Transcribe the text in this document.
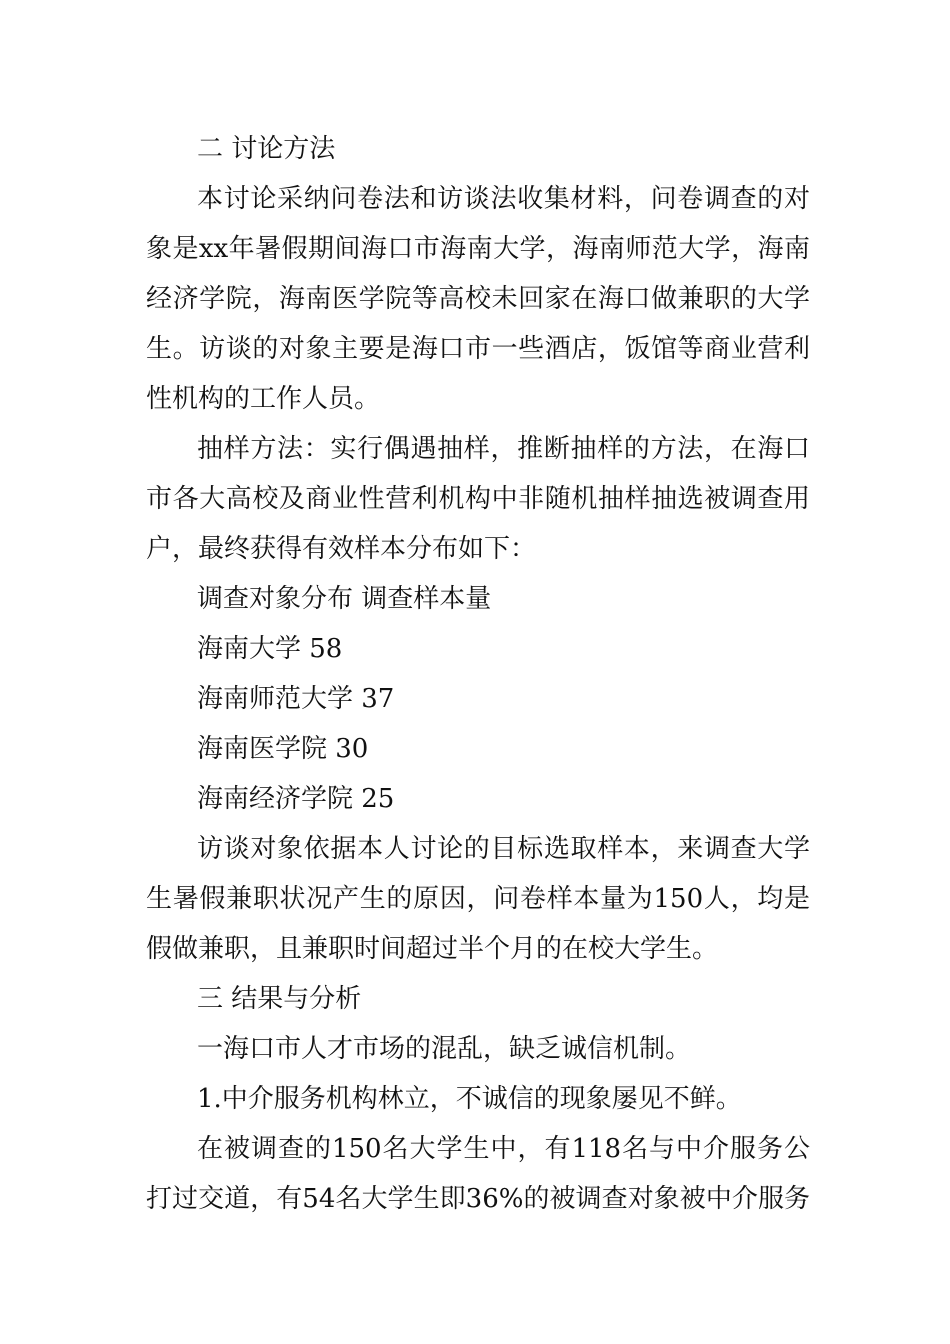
二 讨论方法
本讨论采纳问卷法和访谈法收集材料，问卷调查的对
象是xx年暑假期间海口市海南大学，海南师范大学，海南
经济学院，海南医学院等高校未回家在海口做兼职的大学
生。访谈的对象主要是海口市一些酒店，饭馆等商业营利
性机构的工作人员。
抽样方法：实行偶遇抽样，推断抽样的方法，在海口
市各大高校及商业性营利机构中非随机抽样抽选被调查用
户，最终获得有效样本分布如下：
调查对象分布 调查样本量
海南大学 58
海南师范大学 37
海南医学院 30
海南经济学院 25
访谈对象依据本人讨论的目标选取样本，来调查大学
生暑假兼职状况产生的原因，问卷样本量为150人，均是
假做兼职，且兼职时间超过半个月的在校大学生。
三 结果与分析
一海口市人才市场的混乱，缺乏诚信机制。
1.中介服务机构林立，不诚信的现象屡见不鲜。
在被调查的150名大学生中，有118名与中介服务公
打过交道，有54名大学生即36%的被调查对象被中介服务
